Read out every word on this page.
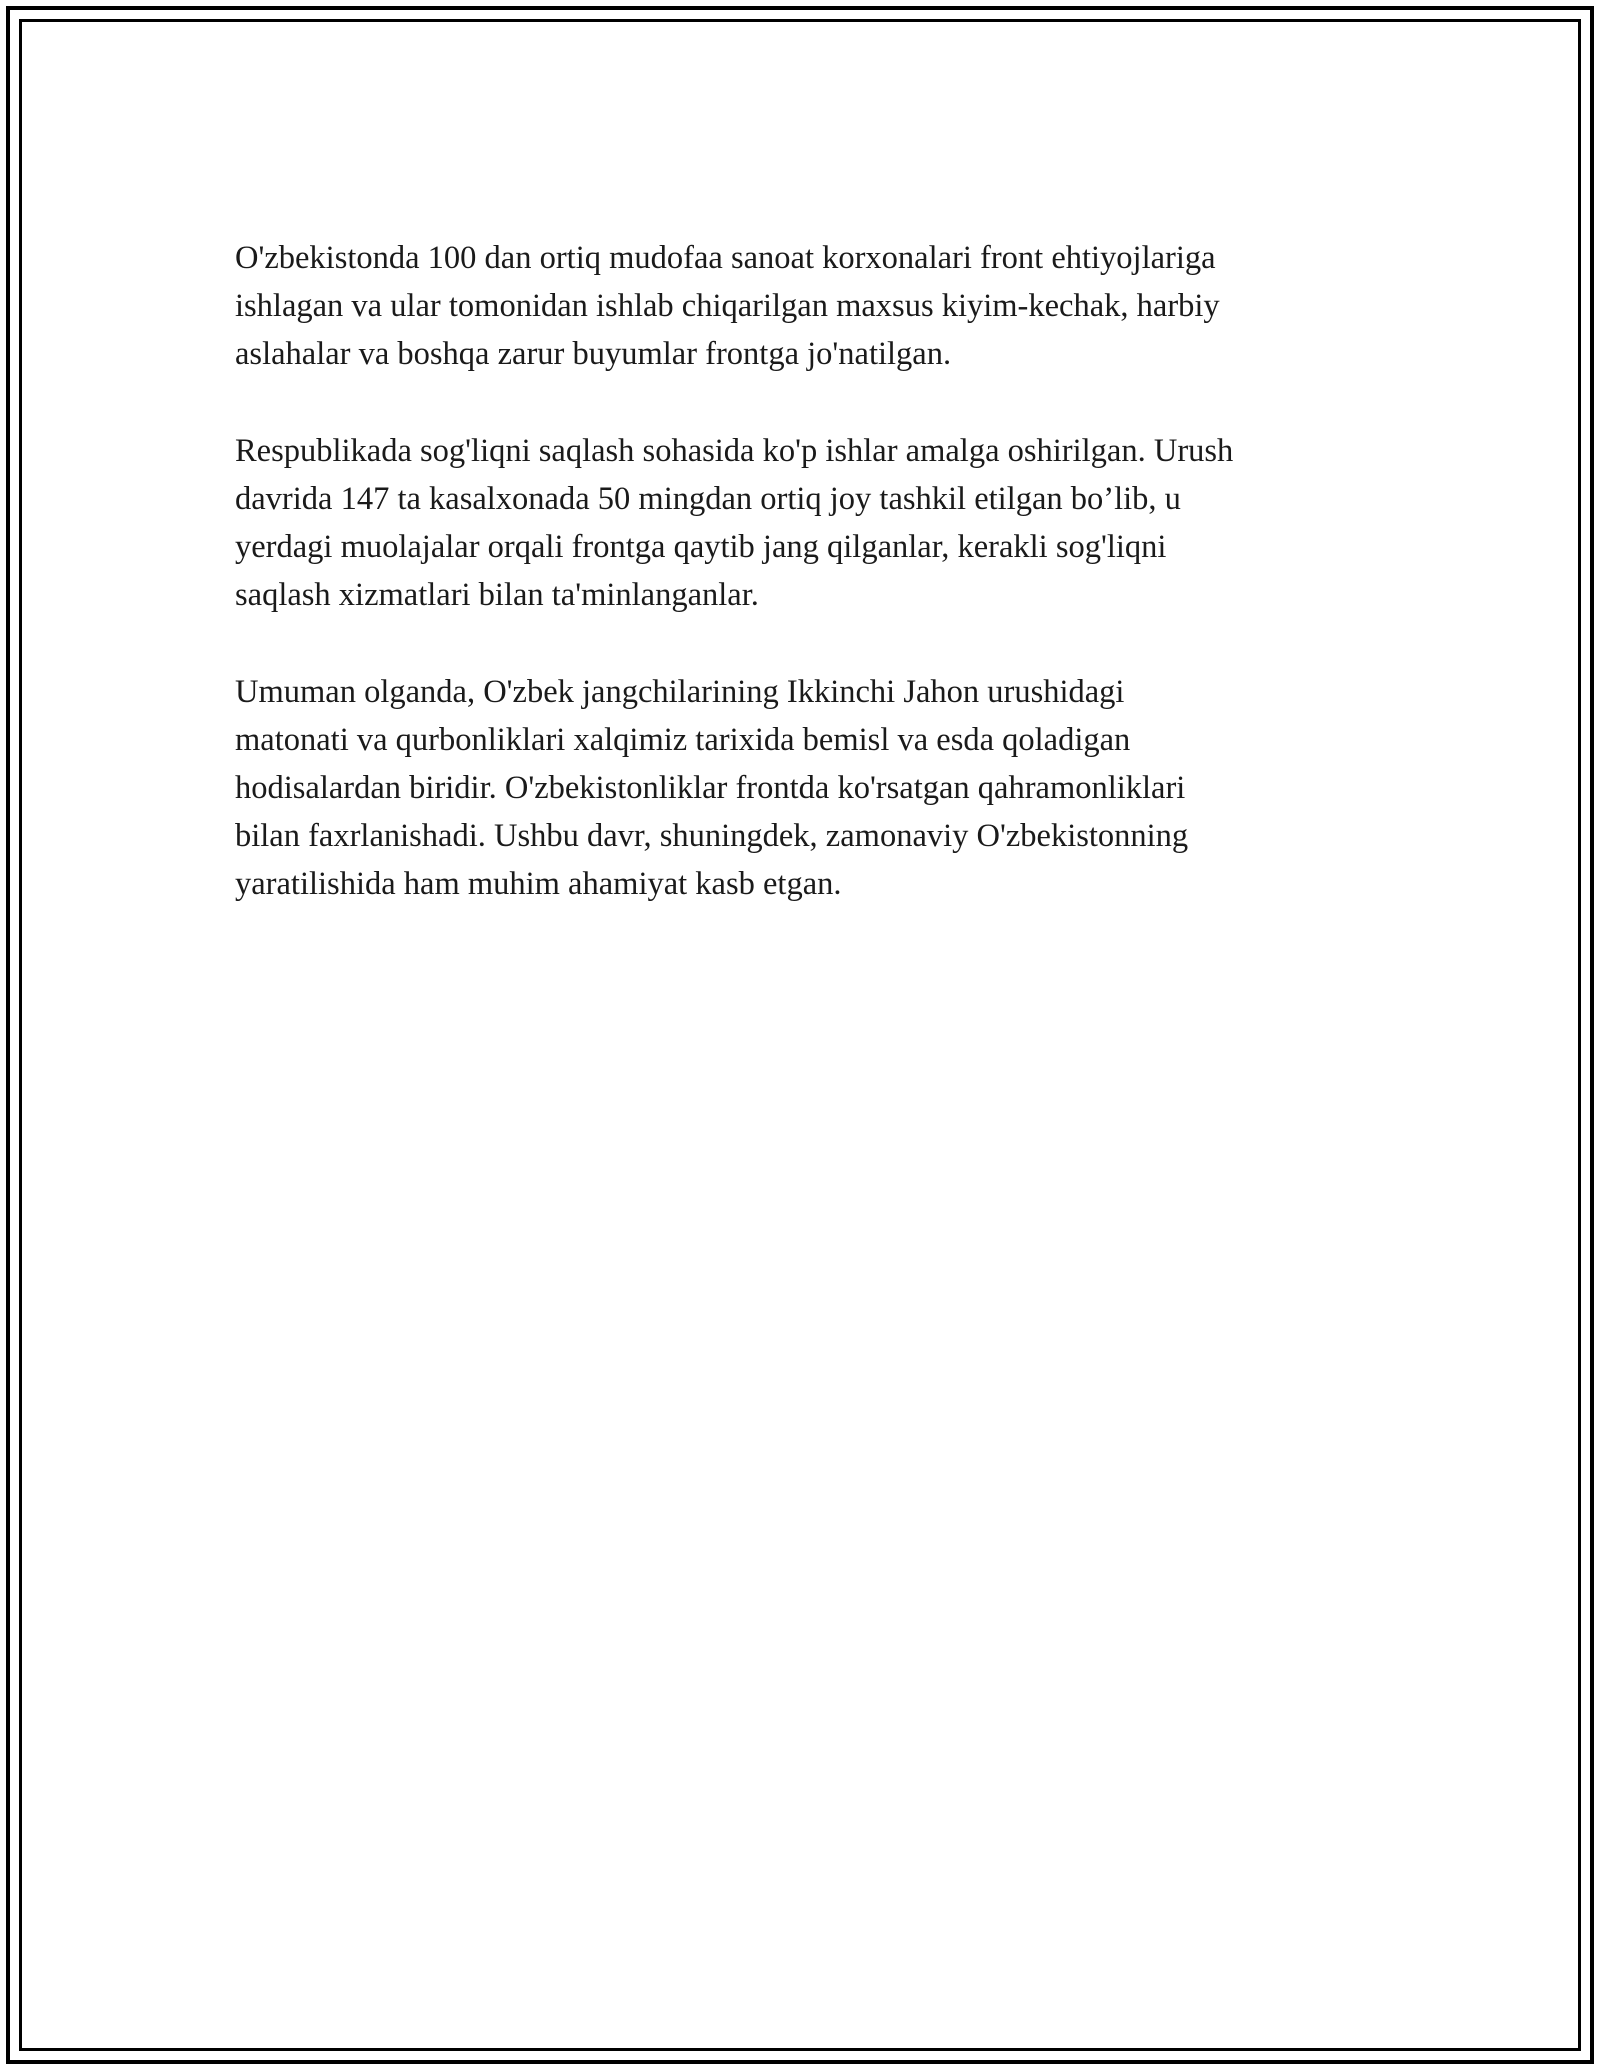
O'zbekistonda 100 dan ortiq mudofaa sanoat korxonalari front ehtiyojlariga
ishlagan va ular tomonidan ishlab chiqarilgan maxsus kiyim-kechak, harbiy
aslahalar va boshqa zarur buyumlar frontga jo'natilgan.

Respublikada sog'liqni saqlash sohasida ko'p ishlar amalga oshirilgan. Urush
davrida 147 ta kasalxonada 50 mingdan ortiq joy tashkil etilgan bo’lib, u
yerdagi muolajalar orqali frontga qaytib jang qilganlar, kerakli sog'liqni
saqlash xizmatlari bilan ta'minlanganlar.

Umuman olganda, O'zbek jangchilarining Ikkinchi Jahon urushidagi
matonati va qurbonliklari xalqimiz tarixida bemisl va esda qoladigan
hodisalardan biridir. O'zbekistonliklar frontda ko'rsatgan qahramonliklari
bilan faxrlanishadi. Ushbu davr, shuningdek, zamonaviy O'zbekistonning
yaratilishida ham muhim ahamiyat kasb etgan.
